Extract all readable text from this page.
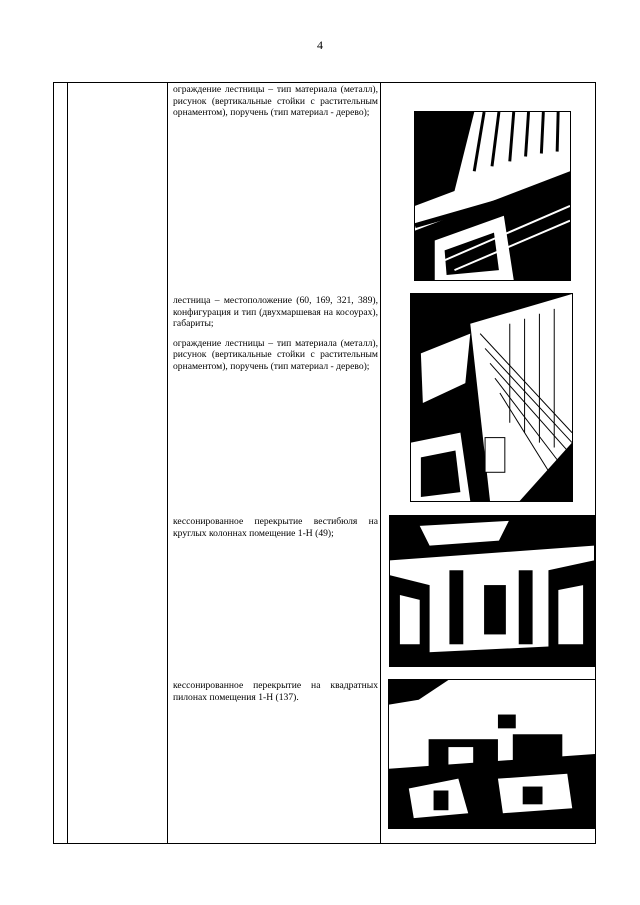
4

ограждение лестницы – тип материала (металл), рисунок (вертикальные стойки с растительным орнаментом), поручень (тип материал - дерево);

лестница – местоположение (60, 169, 321, 389), конфигурация и тип (двухмаршевая на косоурах), габариты;

ограждение лестницы – тип материала (металл), рисунок (вертикальные стойки с растительным орнаментом), поручень (тип материал - дерево);

кессонированное перекрытие вестибюля на круглых колоннах помещение 1-Н (49);

кессонированное перекрытие на квадратных пилонах помещения 1-Н (137).
